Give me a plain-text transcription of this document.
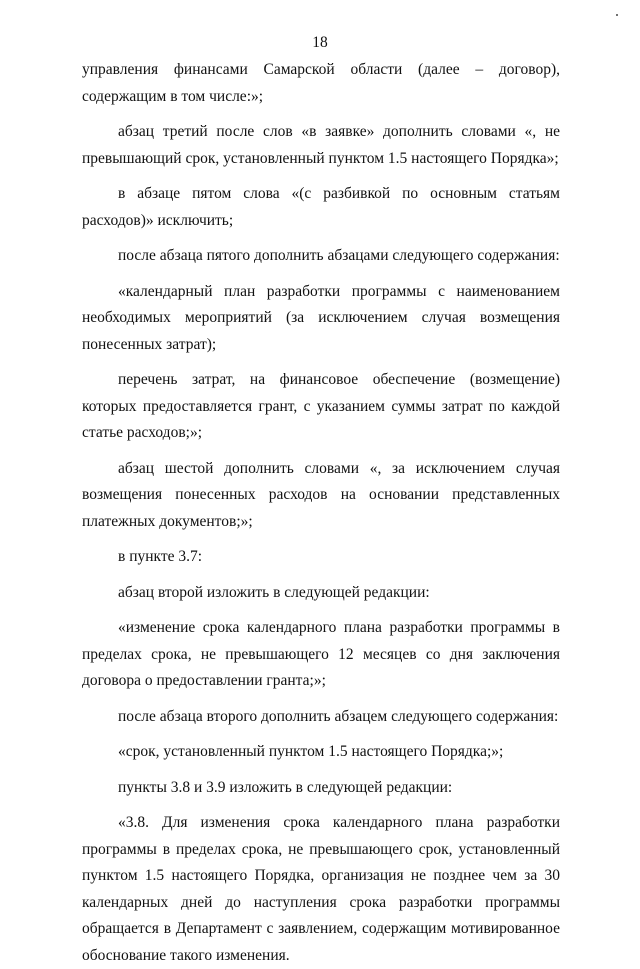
18

управления финансами Самарской области (далее – договор), содержащим в том числе:»;

абзац третий после слов «в заявке» дополнить словами «, не превышающий срок, установленный пунктом 1.5 настоящего Порядка»;

в абзаце пятом слова «(с разбивкой по основным статьям расходов)» исключить;

после абзаца пятого дополнить абзацами следующего содержания:

«календарный план разработки программы с наименованием необходимых мероприятий (за исключением случая возмещения понесенных затрат);

перечень затрат, на финансовое обеспечение (возмещение) которых предоставляется грант, с указанием суммы затрат по каждой статье расходов;»;

абзац шестой дополнить словами «, за исключением случая возмещения понесенных расходов на основании представленных платежных документов;»;

в пункте 3.7:

абзац второй изложить в следующей редакции:

«изменение срока календарного плана разработки программы в пределах срока, не превышающего 12 месяцев со дня заключения договора о предоставлении гранта;»;

после абзаца второго дополнить абзацем следующего содержания:

«срок, установленный пунктом 1.5 настоящего Порядка;»;

пункты 3.8 и 3.9 изложить в следующей редакции:

«3.8. Для изменения срока календарного плана разработки программы в пределах срока, не превышающего срок, установленный пунктом 1.5 настоящего Порядка, организация не позднее чем за 30 календарных дней до наступления срока разработки программы обращается в Департамент с заявлением, содержащим мотивированное обоснование такого изменения.
